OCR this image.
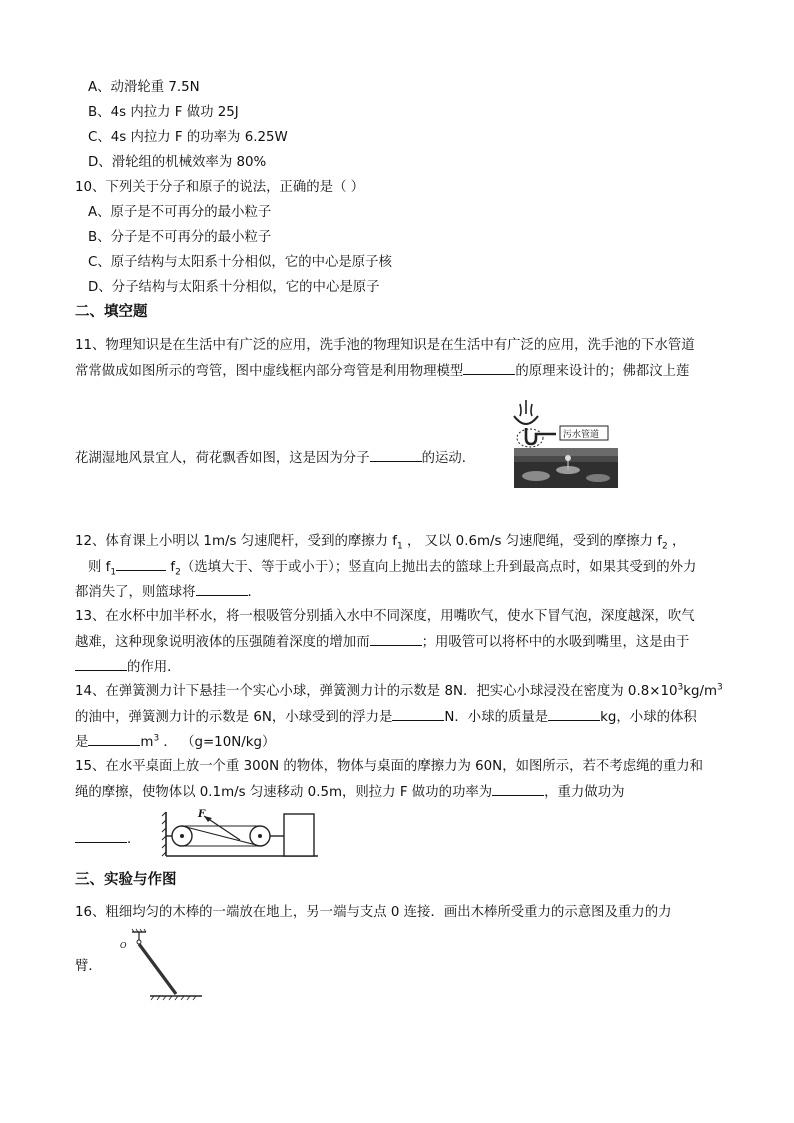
A、动滑轮重 7.5N
B、4s 内拉力 F 做功 25J
C、4s 内拉力 F 的功率为 6.25W
D、滑轮组的机械效率为 80%
10、下列关于分子和原子的说法，正确的是（ ）
A、原子是不可再分的最小粒子
B、分子是不可再分的最小粒子
C、原子结构与太阳系十分相似，它的中心是原子核
D、分子结构与太阳系十分相似，它的中心是原子
二、填空题
11、物理知识是在生活中有广泛的应用，洗手池的物理知识是在生活中有广泛的应用，洗手池的下水管道
常常做成如图所示的弯管，图中虚线框内部分弯管是利用物理模型	的原理来设计的；佛都汶上莲
花湖湿地风景宜人，荷花飘香如图，这是因为分子	的运动．
污水管道
12、体育课上小明以 1m/s 匀速爬杆，受到的摩擦力 $f_1$ ， 又以 0.6m/s 匀速爬绳，受到的摩擦力 $f_2$ ，
则 $f_1$	$f_2$（选填大于、等于或小于）；竖直向上抛出去的篮球上升到最高点时，如果其受到的外力
都消失了，则篮球将	．
13、在水杯中加半杯水，将一根吸管分别插入水中不同深度，用嘴吹气，使水下冒气泡，深度越深，吹气
越难，这种现象说明液体的压强随着深度的增加而	；用吸管可以将杯中的水吸到嘴里，这是由于
的作用．
14、在弹簧测力计下悬挂一个实心小球，弹簧测力计的示数是 8N．把实心小球浸没在密度为 $0.8\times 10^3kg/m^3$
的油中，弹簧测力计的示数是 6N，小球受到的浮力是	N．小球的质量是	kg，小球的体积
是	$m^3$ ． （g=10N/kg）
15、在水平桌面上放一个重 300N 的物体，物体与桌面的摩擦力为 60N，如图所示，若不考虑绳的重力和
绳的摩擦，使物体以 0.1m/s 匀速移动 0.5m，则拉力 F 做功的功率为	，重力做功为
．
F
三、实验与作图
16、粗细均匀的木棒的一端放在地上，另一端与支点 0 连接．画出木棒所受重力的示意图及重力的力
臂．
O
